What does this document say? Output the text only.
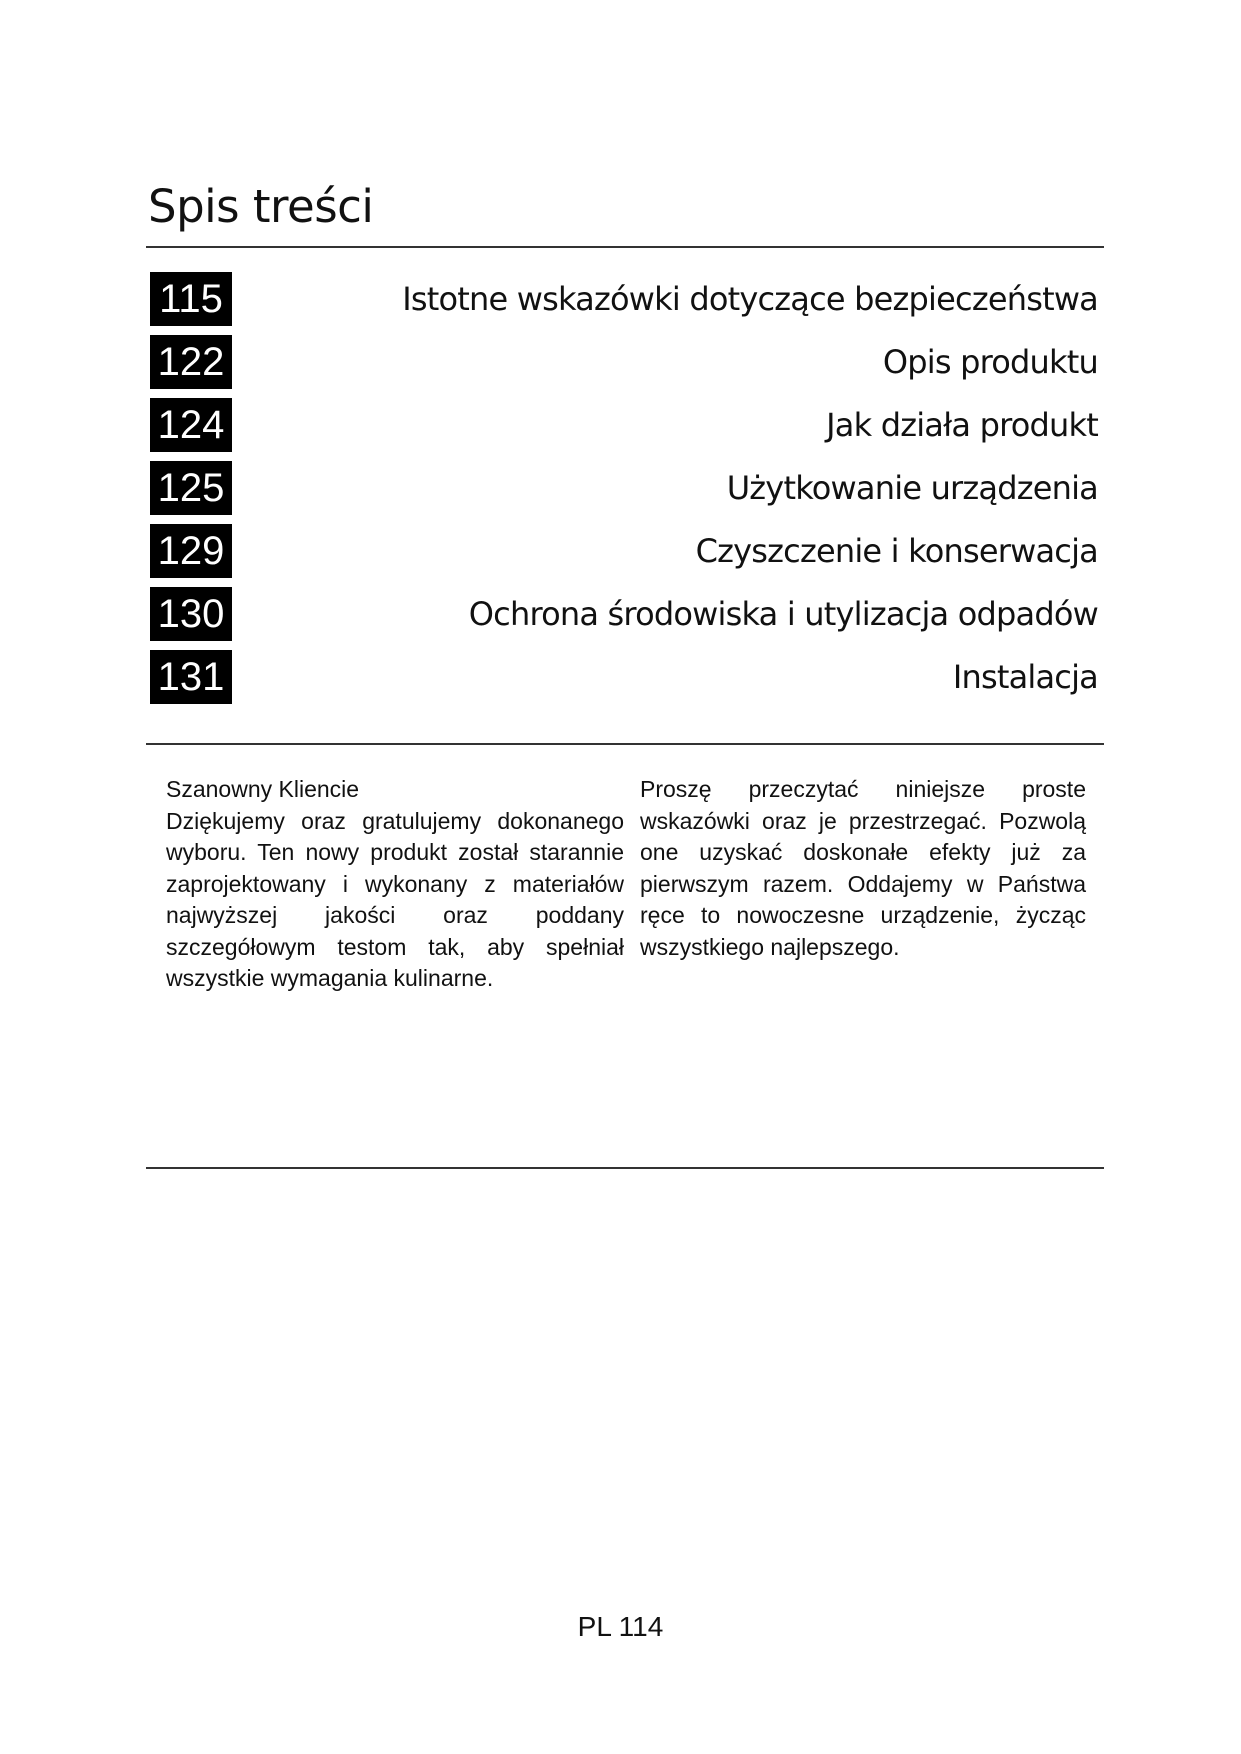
Spis treści
115	Istotne wskazówki dotyczące bezpieczeństwa
122	Opis produktu
124	Jak działa produkt
125	Użytkowanie urządzenia
129	Czyszczenie i konserwacja
130	Ochrona środowiska i utylizacja odpadów
131	Instalacja
Szanowny Kliencie

Dziękujemy oraz gratulujemy dokonanego wyboru. Ten nowy produkt został starannie zaprojektowany i wykonany z materiałów najwyższej jakości oraz poddany szczegółowym testom tak, aby spełniał wszystkie wymagania kulinarne.

Proszę przeczytać niniejsze proste wskazówki oraz je przestrzegać. Pozwolą one uzyskać doskonałe efekty już za pierwszym razem. Oddajemy w Państwa ręce to nowoczesne urządzenie, życząc wszystkiego najlepszego.

PL 114
